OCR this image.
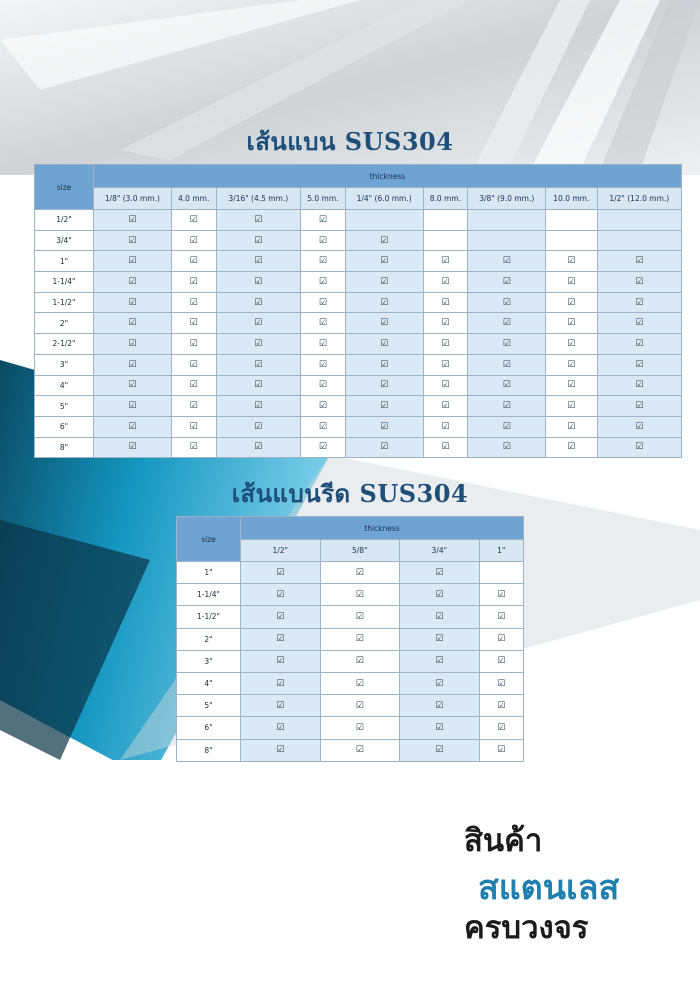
เส้นแบน SUS304
size	thickness								
	1/8" (3.0 mm.)	4.0 mm.	3/16" (4.5 mm.)	5.0 mm.	1/4" (6.0 mm.)	8.0 mm.	3/8" (9.0 mm.)	10.0 mm.	1/2" (12.0 mm.)
1/2"	☑	☑	☑	☑					
3/4"	☑	☑	☑	☑	☑				
1"	☑	☑	☑	☑	☑	☑	☑	☑	☑
1-1/4"	☑	☑	☑	☑	☑	☑	☑	☑	☑
1-1/2"	☑	☑	☑	☑	☑	☑	☑	☑	☑
2"	☑	☑	☑	☑	☑	☑	☑	☑	☑
2-1/2"	☑	☑	☑	☑	☑	☑	☑	☑	☑
3"	☑	☑	☑	☑	☑	☑	☑	☑	☑
4"	☑	☑	☑	☑	☑	☑	☑	☑	☑
5"	☑	☑	☑	☑	☑	☑	☑	☑	☑
6"	☑	☑	☑	☑	☑	☑	☑	☑	☑
8"	☑	☑	☑	☑	☑	☑	☑	☑	☑
เส้นแบนรีด SUS304
size	thickness			
	1/2"	5/8"	3/4"	1"
1"	☑	☑	☑	
1-1/4"	☑	☑	☑	☑
1-1/2"	☑	☑	☑	☑
2"	☑	☑	☑	☑
3"	☑	☑	☑	☑
4"	☑	☑	☑	☑
5"	☑	☑	☑	☑
6"	☑	☑	☑	☑
8"	☑	☑	☑	☑
สินค้า
สแตนเลส
ครบวงจร
